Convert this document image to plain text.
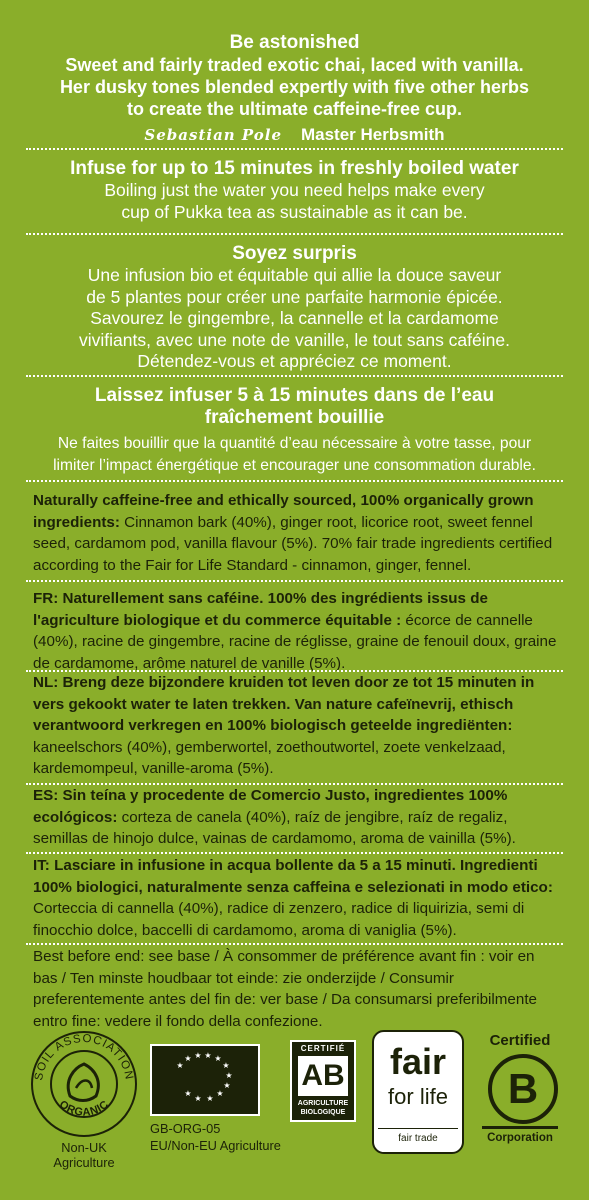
Be astonished
Sweet and fairly traded exotic chai, laced with vanilla.
Her dusky tones blended expertly with five other herbs
to create the ultimate caffeine-free cup.
Sebastian Pole Master Herbsmith
Infuse for up to 15 minutes in freshly boiled water
Boiling just the water you need helps make every
cup of Pukka tea as sustainable as it can be.
Soyez surpris
Une infusion bio et équitable qui allie la douce saveur
de 5 plantes pour créer une parfaite harmonie épicée.
Savourez le gingembre, la cannelle et la cardamome
vivifiants, avec une note de vanille, le tout sans caféine.
Détendez-vous et appréciez ce moment.
Laissez infuser 5 à 15 minutes dans de l’eau
fraîchement bouillie
Ne faites bouillir que la quantité d’eau nécessaire à votre tasse, pour
limiter l’impact énergétique et encourager une consommation durable.

Naturally caffeine-free and ethically sourced, 100% organically grown ingredients: Cinnamon bark (40%), ginger root, licorice root, sweet fennel seed, cardamom pod, vanilla flavour (5%). 70% fair trade ingredients certified according to the Fair for Life Standard - cinnamon, ginger, fennel.

FR: Naturellement sans caféine. 100% des ingrédients issus de l'agriculture biologique et du commerce équitable : écorce de cannelle (40%), racine de gingembre, racine de réglisse, graine de fenouil doux, graine de cardamome, arôme naturel de vanille (5%).

NL: Breng deze bijzondere kruiden tot leven door ze tot 15 minuten in vers gekookt water te laten trekken. Van nature cafeïnevrij, ethisch verantwoord verkregen en 100% biologisch geteelde ingrediënten: kaneelschors (40%), gemberwortel, zoethoutwortel, zoete venkelzaad, kardemompeul, vanille-aroma (5%).

ES: Sin teína y procedente de Comercio Justo, ingredientes 100% ecológicos: corteza de canela (40%), raíz de jengibre, raíz de regaliz, semillas de hinojo dulce, vainas de cardamomo, aroma de vainilla (5%).

IT: Lasciare in infusione in acqua bollente da 5 a 15 minuti. Ingredienti 100% biologici, naturalmente senza caffeina e selezionati in modo etico: Corteccia di cannella (40%), radice di zenzero, radice di liquirizia, semi di finocchio dolce, baccelli di cardamomo, aroma di vaniglia (5%).

Best before end: see base / À consommer de préférence avant fin : voir en bas / Ten minste houdbaar tot einde: zie onderzijde / Consumir preferentemente antes del fin de: ver base / Da consumarsi preferibilmente entro fine: vedere il fondo della confezione.

SOIL ASSOCIATION
ORGANIC
Non-UK Agriculture
★
★ ★ ★ ★
★
★
★
★
★
★
★
GB-ORG-05
EU/Non-EU Agriculture
CERTIFIÉ
AB
AGRICULTURE
BIOLOGIQUE
fair
for life
fair trade
Certified
B
Corporation
